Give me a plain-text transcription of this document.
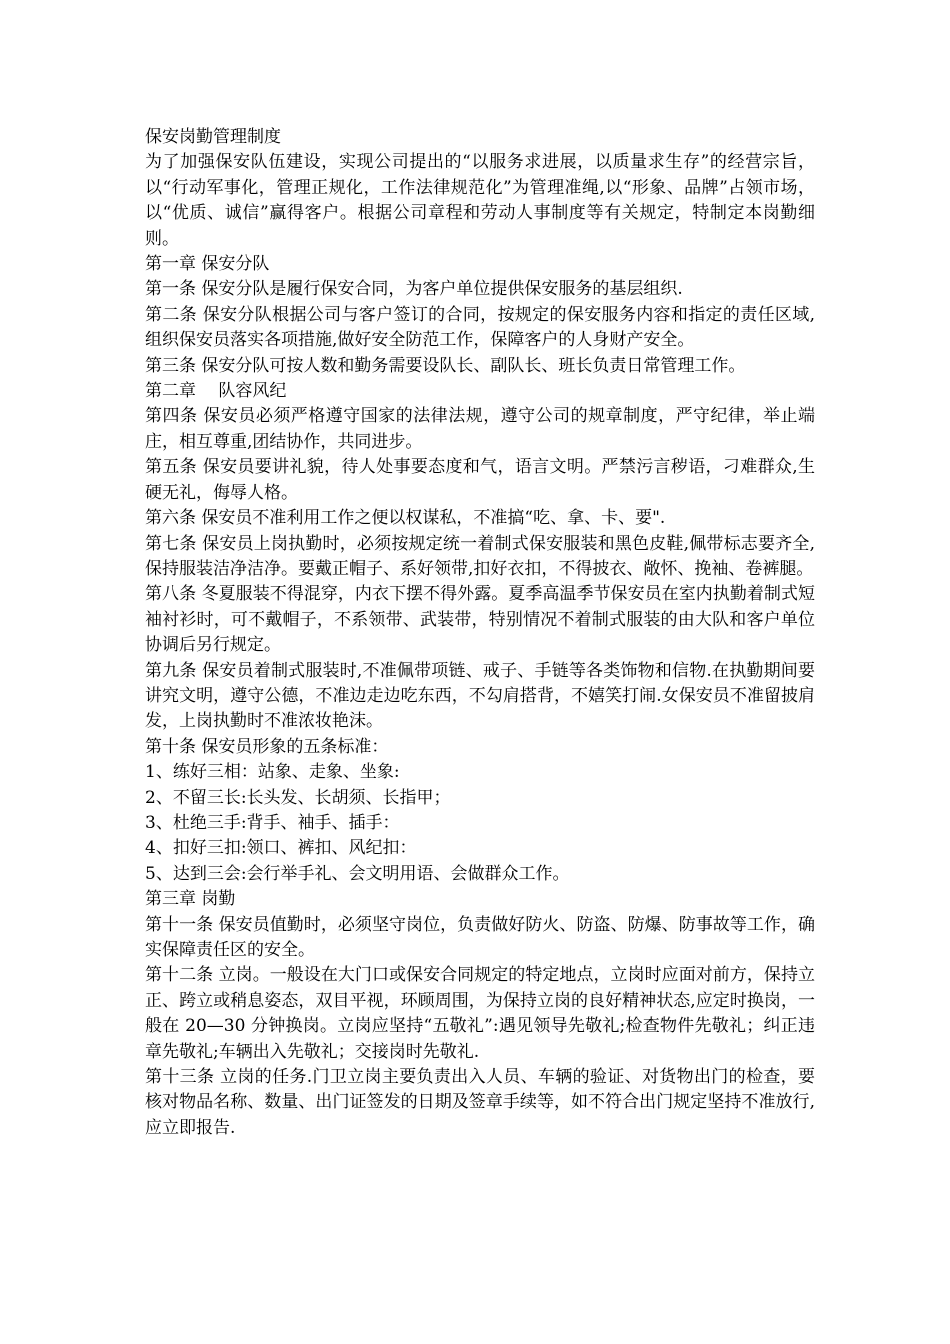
保安岗勤管理制度

为了加强保安队伍建设，实现公司提出的“以服务求进展，以质量求生存”的经营宗旨，以“行动军事化，管理正规化，工作法律规范化”为管理准绳,以“形象、品牌”占领市场，以“优质、诚信”赢得客户。根据公司章程和劳动人事制度等有关规定，特制定本岗勤细则。

第一章 保安分队

第一条 保安分队是履行保安合同，为客户单位提供保安服务的基层组织.

第二条 保安分队根据公司与客户签订的合同，按规定的保安服务内容和指定的责任区域,组织保安员落实各项措施,做好安全防范工作，保障客户的人身财产安全。

第三条 保安分队可按人数和勤务需要设队长、副队长、班长负责日常管理工作。

第二章　 队容风纪

第四条 保安员必须严格遵守国家的法律法规，遵守公司的规章制度，严守纪律，举止端庄，相互尊重,团结协作，共同进步。

第五条 保安员要讲礼貌，待人处事要态度和气，语言文明。严禁污言秽语，刁难群众,生硬无礼，侮辱人格。

第六条 保安员不准利用工作之便以权谋私，不准搞“吃、拿、卡、要".

第七条 保安员上岗执勤时，必须按规定统一着制式保安服装和黑色皮鞋,佩带标志要齐全,保持服装洁净洁净。要戴正帽子、系好领带,扣好衣扣，不得披衣、敞怀、挽袖、卷裤腿。

第八条 冬夏服装不得混穿，内衣下摆不得外露。夏季高温季节保安员在室内执勤着制式短袖衬衫时，可不戴帽子，不系领带、武装带，特别情况不着制式服装的由大队和客户单位协调后另行规定。

第九条 保安员着制式服装时,不准佩带项链、戒子、手链等各类饰物和信物.在执勤期间要讲究文明，遵守公德，不准边走边吃东西，不勾肩搭背，不嬉笑打闹.女保安员不准留披肩发，上岗执勤时不准浓妆艳沫。

第十条 保安员形象的五条标准：

1、练好三相：站象、走象、坐象:

2、不留三长:长头发、长胡须、长指甲；

3、杜绝三手:背手、袖手、插手：

4、扣好三扣:领口、裤扣、风纪扣：

5、达到三会:会行举手礼、会文明用语、会做群众工作。

第三章 岗勤

第十一条 保安员值勤时，必须坚守岗位，负责做好防火、防盗、防爆、防事故等工作，确实保障责任区的安全。

第十二条 立岗。一般设在大门口或保安合同规定的特定地点，立岗时应面对前方，保持立正、跨立或稍息姿态，双目平视，环顾周围，为保持立岗的良好精神状态,应定时换岗，一般在 20—30 分钟换岗。立岗应坚持“五敬礼”:遇见领导先敬礼;检查物件先敬礼；纠正违章先敬礼;车辆出入先敬礼；交接岗时先敬礼.

第十三条 立岗的任务.门卫立岗主要负责出入人员、车辆的验证、对货物出门的检查，要核对物品名称、数量、出门证签发的日期及签章手续等，如不符合出门规定坚持不准放行,应立即报告.
